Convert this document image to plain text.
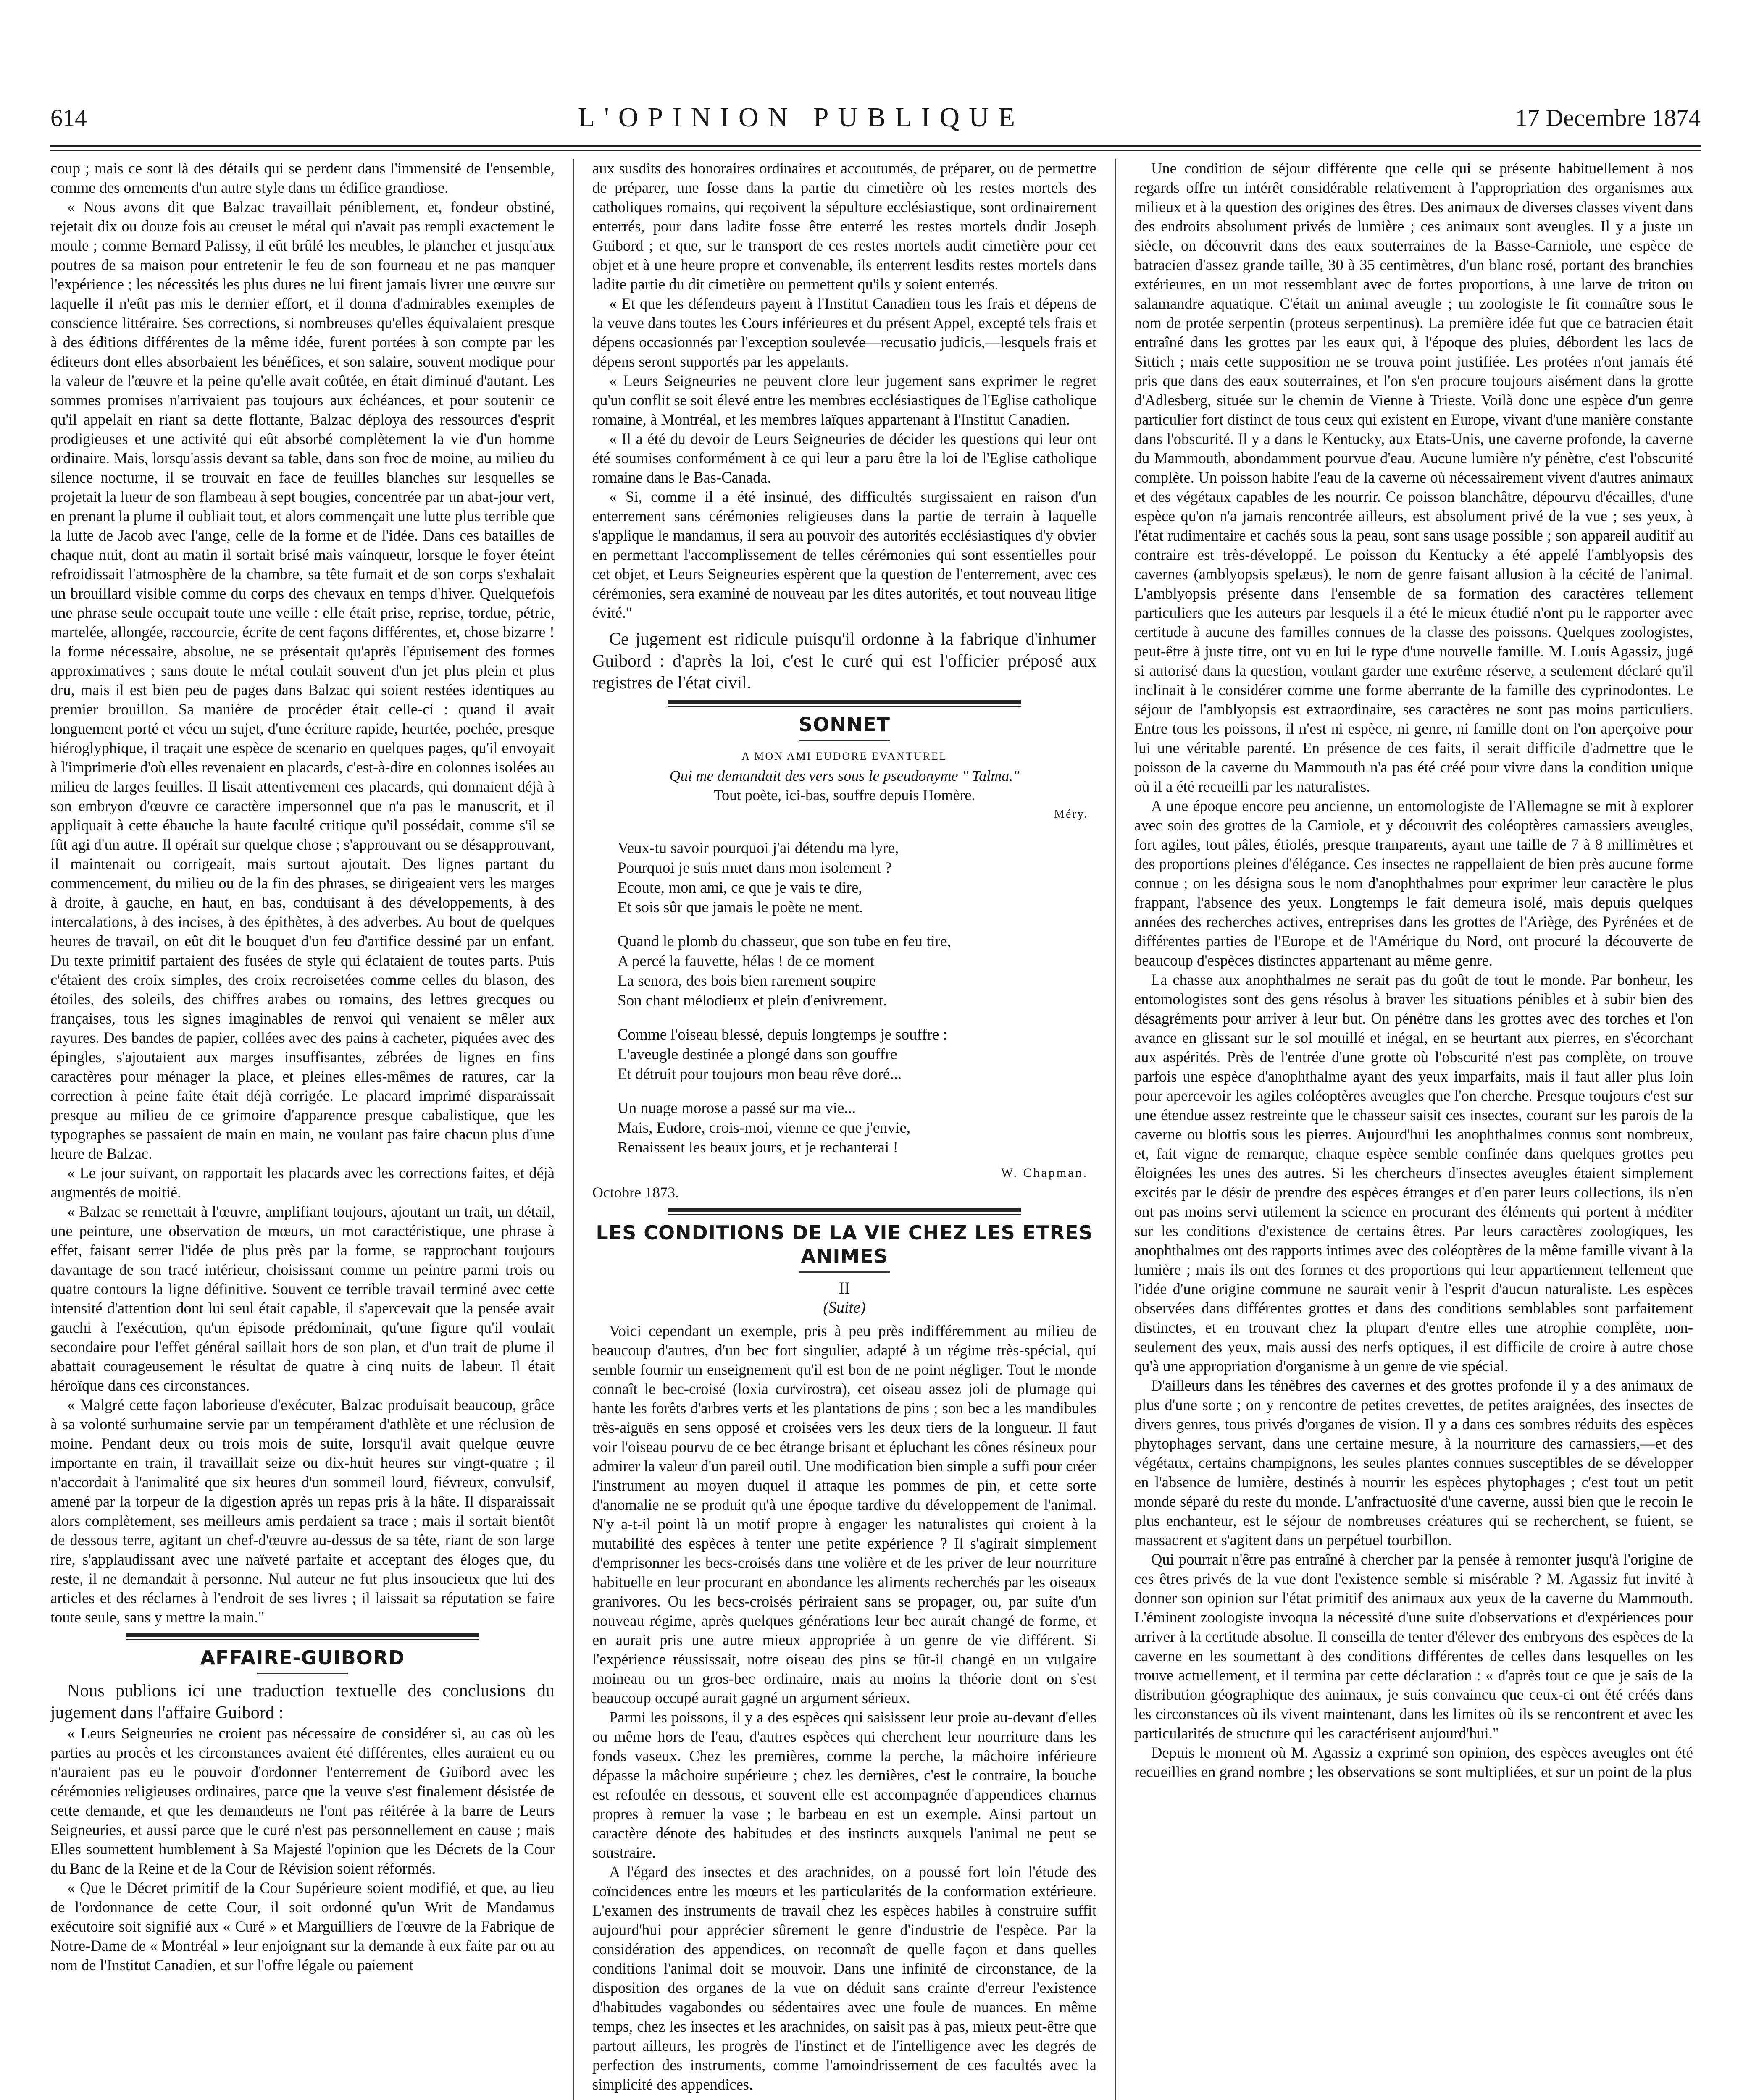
614	L'OPINION PUBLIQUE	17 Decembre 1874

coup ; mais ce sont là des détails qui se perdent dans l'immensité de l'ensemble, comme des ornements d'un autre style dans un édifice grandiose.

« Nous avons dit que Balzac travaillait péniblement, et, fondeur obstiné, rejetait dix ou douze fois au creuset le métal qui n'avait pas rempli exactement le moule ; comme Bernard Palissy, il eût brûlé les meubles, le plancher et jusqu'aux poutres de sa maison pour entretenir le feu de son fourneau et ne pas manquer l'expérience ; les nécessités les plus dures ne lui firent jamais livrer une œuvre sur laquelle il n'eût pas mis le dernier effort, et il donna d'admirables exemples de conscience littéraire. Ses corrections, si nombreuses qu'elles équivalaient presque à des éditions différentes de la même idée, furent portées à son compte par les éditeurs dont elles absorbaient les bénéfices, et son salaire, souvent modique pour la valeur de l'œuvre et la peine qu'elle avait coûtée, en était diminué d'autant. Les sommes promises n'arrivaient pas toujours aux échéances, et pour soutenir ce qu'il appelait en riant sa dette flottante, Balzac déploya des ressources d'esprit prodigieuses et une activité qui eût absorbé complètement la vie d'un homme ordinaire. Mais, lorsqu'assis devant sa table, dans son froc de moine, au milieu du silence nocturne, il se trouvait en face de feuilles blanches sur lesquelles se projetait la lueur de son flambeau à sept bougies, concentrée par un abat-jour vert, en prenant la plume il oubliait tout, et alors commençait une lutte plus terrible que la lutte de Jacob avec l'ange, celle de la forme et de l'idée. Dans ces batailles de chaque nuit, dont au matin il sortait brisé mais vainqueur, lorsque le foyer éteint refroidissait l'atmosphère de la chambre, sa tête fumait et de son corps s'exhalait un brouillard visible comme du corps des chevaux en temps d'hiver. Quelquefois une phrase seule occupait toute une veille : elle était prise, reprise, tordue, pétrie, martelée, allongée, raccourcie, écrite de cent façons différentes, et, chose bizarre ! la forme nécessaire, absolue, ne se présentait qu'après l'épuisement des formes approximatives ; sans doute le métal coulait souvent d'un jet plus plein et plus dru, mais il est bien peu de pages dans Balzac qui soient restées identiques au premier brouillon. Sa manière de procéder était celle-ci : quand il avait longuement porté et vécu un sujet, d'une écriture rapide, heurtée, pochée, presque hiéroglyphique, il traçait une espèce de scenario en quelques pages, qu'il envoyait à l'imprimerie d'où elles revenaient en placards, c'est-à-dire en colonnes isolées au milieu de larges feuilles. Il lisait attentivement ces placards, qui donnaient déjà à son embryon d'œuvre ce caractère impersonnel que n'a pas le manuscrit, et il appliquait à cette ébauche la haute faculté critique qu'il possédait, comme s'il se fût agi d'un autre. Il opérait sur quelque chose ; s'approuvant ou se désapprouvant, il maintenait ou corrigeait, mais surtout ajoutait. Des lignes partant du commencement, du milieu ou de la fin des phrases, se dirigeaient vers les marges à droite, à gauche, en haut, en bas, conduisant à des développements, à des intercalations, à des incises, à des épithètes, à des adverbes. Au bout de quelques heures de travail, on eût dit le bouquet d'un feu d'artifice dessiné par un enfant. Du texte primitif partaient des fusées de style qui éclataient de toutes parts. Puis c'étaient des croix simples, des croix recroisetées comme celles du blason, des étoiles, des soleils, des chiffres arabes ou romains, des lettres grecques ou françaises, tous les signes imaginables de renvoi qui venaient se mêler aux rayures. Des bandes de papier, collées avec des pains à cacheter, piquées avec des épingles, s'ajoutaient aux marges insuffisantes, zébrées de lignes en fins caractères pour ménager la place, et pleines elles-mêmes de ratures, car la correction à peine faite était déjà corrigée. Le placard imprimé disparaissait presque au milieu de ce grimoire d'apparence presque cabalistique, que les typographes se passaient de main en main, ne voulant pas faire chacun plus d'une heure de Balzac.

« Le jour suivant, on rapportait les placards avec les corrections faites, et déjà augmentés de moitié.

« Balzac se remettait à l'œuvre, amplifiant toujours, ajoutant un trait, un détail, une peinture, une observation de mœurs, un mot caractéristique, une phrase à effet, faisant serrer l'idée de plus près par la forme, se rapprochant toujours davantage de son tracé intérieur, choisissant comme un peintre parmi trois ou quatre contours la ligne définitive. Souvent ce terrible travail terminé avec cette intensité d'attention dont lui seul était capable, il s'apercevait que la pensée avait gauchi à l'exécution, qu'un épisode prédominait, qu'une figure qu'il voulait secondaire pour l'effet général saillait hors de son plan, et d'un trait de plume il abattait courageusement le résultat de quatre à cinq nuits de labeur. Il était héroïque dans ces circonstances.

« Malgré cette façon laborieuse d'exécuter, Balzac produisait beaucoup, grâce à sa volonté surhumaine servie par un tempérament d'athlète et une réclusion de moine. Pendant deux ou trois mois de suite, lorsqu'il avait quelque œuvre importante en train, il travaillait seize ou dix-huit heures sur vingt-quatre ; il n'accordait à l'animalité que six heures d'un sommeil lourd, fiévreux, convulsif, amené par la torpeur de la digestion après un repas pris à la hâte. Il disparaissait alors complètement, ses meilleurs amis perdaient sa trace ; mais il sortait bientôt de dessous terre, agitant un chef-d'œuvre au-dessus de sa tête, riant de son large rire, s'applaudissant avec une naïveté parfaite et acceptant des éloges que, du reste, il ne demandait à personne. Nul auteur ne fut plus insoucieux que lui des articles et des réclames à l'endroit de ses livres ; il laissait sa réputation se faire toute seule, sans y mettre la main."

AFFAIRE-GUIBORD

Nous publions ici une traduction textuelle des conclusions du jugement dans l'affaire Guibord :

« Leurs Seigneuries ne croient pas nécessaire de considérer si, au cas où les parties au procès et les circonstances avaient été différentes, elles auraient eu ou n'auraient pas eu le pouvoir d'ordonner l'enterrement de Guibord avec les cérémonies religieuses ordinaires, parce que la veuve s'est finalement désistée de cette demande, et que les demandeurs ne l'ont pas réitérée à la barre de Leurs Seigneuries, et aussi parce que le curé n'est pas personnellement en cause ; mais Elles soumettent humblement à Sa Majesté l'opinion que les Décrets de la Cour du Banc de la Reine et de la Cour de Révision soient réformés.

« Que le Décret primitif de la Cour Supérieure soient modifié, et que, au lieu de l'ordonnance de cette Cour, il soit ordonné qu'un Writ de Mandamus exécutoire soit signifié aux « Curé » et Marguilliers de l'œuvre de la Fabrique de Notre-Dame de « Montréal » leur enjoignant sur la demande à eux faite par ou au nom de l'Institut Canadien, et sur l'offre légale ou paiement

aux susdits des honoraires ordinaires et accoutumés, de préparer, ou de permettre de préparer, une fosse dans la partie du cimetière où les restes mortels des catholiques romains, qui reçoivent la sépulture ecclésiastique, sont ordinairement enterrés, pour dans ladite fosse être enterré les restes mortels dudit Joseph Guibord ; et que, sur le transport de ces restes mortels audit cimetière pour cet objet et à une heure propre et convenable, ils enterrent lesdits restes mortels dans ladite partie du dit cimetière ou permettent qu'ils y soient enterrés.

« Et que les défendeurs payent à l'Institut Canadien tous les frais et dépens de la veuve dans toutes les Cours inférieures et du présent Appel, excepté tels frais et dépens occasionnés par l'exception soulevée—recusatio judicis,—lesquels frais et dépens seront supportés par les appelants.

« Leurs Seigneuries ne peuvent clore leur jugement sans exprimer le regret qu'un conflit se soit élevé entre les membres ecclésiastiques de l'Eglise catholique romaine, à Montréal, et les membres laïques appartenant à l'Institut Canadien.

« Il a été du devoir de Leurs Seigneuries de décider les questions qui leur ont été soumises conformément à ce qui leur a paru être la loi de l'Eglise catholique romaine dans le Bas-Canada.

« Si, comme il a été insinué, des difficultés surgissaient en raison d'un enterrement sans cérémonies religieuses dans la partie de terrain à laquelle s'applique le mandamus, il sera au pouvoir des autorités ecclésiastiques d'y obvier en permettant l'accomplissement de telles cérémonies qui sont essentielles pour cet objet, et Leurs Seigneuries espèrent que la question de l'enterrement, avec ces cérémonies, sera examiné de nouveau par les dites autorités, et tout nouveau litige évité."

Ce jugement est ridicule puisqu'il ordonne à la fabrique d'inhumer Guibord : d'après la loi, c'est le curé qui est l'officier préposé aux registres de l'état civil.

SONNET
A MON AMI EUDORE EVANTUREL
Qui me demandait des vers sous le pseudonyme " Talma."
Tout poète, ici-bas, souffre depuis Homère.
Méry.
Veux-tu savoir pourquoi j'ai détendu ma lyre,
Pourquoi je suis muet dans mon isolement ?
Ecoute, mon ami, ce que je vais te dire,
Et sois sûr que jamais le poète ne ment.
Quand le plomb du chasseur, que son tube en feu tire,
A percé la fauvette, hélas ! de ce moment
La senora, des bois bien rarement soupire
Son chant mélodieux et plein d'enivrement.
Comme l'oiseau blessé, depuis longtemps je souffre :
L'aveugle destinée a plongé dans son gouffre
Et détruit pour toujours mon beau rêve doré...
Un nuage morose a passé sur ma vie...
Mais, Eudore, crois-moi, vienne ce que j'envie,
Renaissent les beaux jours, et je rechanterai !
W. Chapman.
Octobre 1873.
LES CONDITIONS DE LA VIE CHEZ LES ETRES ANIMES
II
(Suite)

Voici cependant un exemple, pris à peu près indifféremment au milieu de beaucoup d'autres, d'un bec fort singulier, adapté à un régime très-spécial, qui semble fournir un enseignement qu'il est bon de ne point négliger. Tout le monde connaît le bec-croisé (loxia curvirostra), cet oiseau assez joli de plumage qui hante les forêts d'arbres verts et les plantations de pins ; son bec a les mandibules très-aiguës en sens opposé et croisées vers les deux tiers de la longueur. Il faut voir l'oiseau pourvu de ce bec étrange brisant et épluchant les cônes résineux pour admirer la valeur d'un pareil outil. Une modification bien simple a suffi pour créer l'instrument au moyen duquel il attaque les pommes de pin, et cette sorte d'anomalie ne se produit qu'à une époque tardive du développement de l'animal. N'y a-t-il point là un motif propre à engager les naturalistes qui croient à la mutabilité des espèces à tenter une petite expérience ? Il s'agirait simplement d'emprisonner les becs-croisés dans une volière et de les priver de leur nourriture habituelle en leur procurant en abondance les aliments recherchés par les oiseaux granivores. Ou les becs-croisés périraient sans se propager, ou, par suite d'un nouveau régime, après quelques générations leur bec aurait changé de forme, et en aurait pris une autre mieux appropriée à un genre de vie différent. Si l'expérience réussissait, notre oiseau des pins se fût-il changé en un vulgaire moineau ou un gros-bec ordinaire, mais au moins la théorie dont on s'est beaucoup occupé aurait gagné un argument sérieux.

Parmi les poissons, il y a des espèces qui saisissent leur proie au-devant d'elles ou même hors de l'eau, d'autres espèces qui cherchent leur nourriture dans les fonds vaseux. Chez les premières, comme la perche, la mâchoire inférieure dépasse la mâchoire supérieure ; chez les dernières, c'est le contraire, la bouche est refoulée en dessous, et souvent elle est accompagnée d'appendices charnus propres à remuer la vase ; le barbeau en est un exemple. Ainsi partout un caractère dénote des habitudes et des instincts auxquels l'animal ne peut se soustraire.

A l'égard des insectes et des arachnides, on a poussé fort loin l'étude des coïncidences entre les mœurs et les particularités de la conformation extérieure. L'examen des instruments de travail chez les espèces habiles à construire suffit aujourd'hui pour apprécier sûrement le genre d'industrie de l'espèce. Par la considération des appendices, on reconnaît de quelle façon et dans quelles conditions l'animal doit se mouvoir. Dans une infinité de circonstance, de la disposition des organes de la vue on déduit sans crainte d'erreur l'existence d'habitudes vagabondes ou sédentaires avec une foule de nuances. En même temps, chez les insectes et les arachnides, on saisit pas à pas, mieux peut-être que partout ailleurs, les progrès de l'instinct et de l'intelligence avec les degrés de perfection des instruments, comme l'amoindrissement de ces facultés avec la simplicité des appendices.

Une condition de séjour différente que celle qui se présente habituellement à nos regards offre un intérêt considérable relativement à l'appropriation des organismes aux milieux et à la question des origines des êtres. Des animaux de diverses classes vivent dans des endroits absolument privés de lumière ; ces animaux sont aveugles. Il y a juste un siècle, on découvrit dans des eaux souterraines de la Basse-Carniole, une espèce de batracien d'assez grande taille, 30 à 35 centimètres, d'un blanc rosé, portant des branchies extérieures, en un mot ressemblant avec de fortes proportions, à une larve de triton ou salamandre aquatique. C'était un animal aveugle ; un zoologiste le fit connaître sous le nom de protée serpentin (proteus serpentinus). La première idée fut que ce batracien était entraîné dans les grottes par les eaux qui, à l'époque des pluies, débordent les lacs de Sittich ; mais cette supposition ne se trouva point justifiée. Les protées n'ont jamais été pris que dans des eaux souterraines, et l'on s'en procure toujours aisément dans la grotte d'Adlesberg, située sur le chemin de Vienne à Trieste. Voilà donc une espèce d'un genre particulier fort distinct de tous ceux qui existent en Europe, vivant d'une manière constante dans l'obscurité. Il y a dans le Kentucky, aux Etats-Unis, une caverne profonde, la caverne du Mammouth, abondamment pourvue d'eau. Aucune lumière n'y pénètre, c'est l'obscurité complète. Un poisson habite l'eau de la caverne où nécessairement vivent d'autres animaux et des végétaux capables de les nourrir. Ce poisson blanchâtre, dépourvu d'écailles, d'une espèce qu'on n'a jamais rencontrée ailleurs, est absolument privé de la vue ; ses yeux, à l'état rudimentaire et cachés sous la peau, sont sans usage possible ; son appareil auditif au contraire est très-développé. Le poisson du Kentucky a été appelé l'amblyopsis des cavernes (amblyopsis spelæus), le nom de genre faisant allusion à la cécité de l'animal. L'amblyopsis présente dans l'ensemble de sa formation des caractères tellement particuliers que les auteurs par lesquels il a été le mieux étudié n'ont pu le rapporter avec certitude à aucune des familles connues de la classe des poissons. Quelques zoologistes, peut-être à juste titre, ont vu en lui le type d'une nouvelle famille. M. Louis Agassiz, jugé si autorisé dans la question, voulant garder une extrême réserve, a seulement déclaré qu'il inclinait à le considérer comme une forme aberrante de la famille des cyprinodontes. Le séjour de l'amblyopsis est extraordinaire, ses caractères ne sont pas moins particuliers. Entre tous les poissons, il n'est ni espèce, ni genre, ni famille dont on l'on aperçoive pour lui une véritable parenté. En présence de ces faits, il serait difficile d'admettre que le poisson de la caverne du Mammouth n'a pas été créé pour vivre dans la condition unique où il a été recueilli par les naturalistes.

A une époque encore peu ancienne, un entomologiste de l'Allemagne se mit à explorer avec soin des grottes de la Carniole, et y découvrit des coléoptères carnassiers aveugles, fort agiles, tout pâles, étiolés, presque tranparents, ayant une taille de 7 à 8 millimètres et des proportions pleines d'élégance. Ces insectes ne rappellaient de bien près aucune forme connue ; on les désigna sous le nom d'anophthalmes pour exprimer leur caractère le plus frappant, l'absence des yeux. Longtemps le fait demeura isolé, mais depuis quelques années des recherches actives, entreprises dans les grottes de l'Ariège, des Pyrénées et de différentes parties de l'Europe et de l'Amérique du Nord, ont procuré la découverte de beaucoup d'espèces distinctes appartenant au même genre.

La chasse aux anophthalmes ne serait pas du goût de tout le monde. Par bonheur, les entomologistes sont des gens résolus à braver les situations pénibles et à subir bien des désagréments pour arriver à leur but. On pénètre dans les grottes avec des torches et l'on avance en glissant sur le sol mouillé et inégal, en se heurtant aux pierres, en s'écorchant aux aspérités. Près de l'entrée d'une grotte où l'obscurité n'est pas complète, on trouve parfois une espèce d'anophthalme ayant des yeux imparfaits, mais il faut aller plus loin pour apercevoir les agiles coléoptères aveugles que l'on cherche. Presque toujours c'est sur une étendue assez restreinte que le chasseur saisit ces insectes, courant sur les parois de la caverne ou blottis sous les pierres. Aujourd'hui les anophthalmes connus sont nombreux, et, fait vigne de remarque, chaque espèce semble confinée dans quelques grottes peu éloignées les unes des autres. Si les chercheurs d'insectes aveugles étaient simplement excités par le désir de prendre des espèces étranges et d'en parer leurs collections, ils n'en ont pas moins servi utilement la science en procurant des éléments qui portent à méditer sur les conditions d'existence de certains êtres. Par leurs caractères zoologiques, les anophthalmes ont des rapports intimes avec des coléoptères de la même famille vivant à la lumière ; mais ils ont des formes et des proportions qui leur appartiennent tellement que l'idée d'une origine commune ne saurait venir à l'esprit d'aucun naturaliste. Les espèces observées dans différentes grottes et dans des conditions semblables sont parfaitement distinctes, et en trouvant chez la plupart d'entre elles une atrophie complète, non-seulement des yeux, mais aussi des nerfs optiques, il est difficile de croire à autre chose qu'à une appropriation d'organisme à un genre de vie spécial.

D'ailleurs dans les ténèbres des cavernes et des grottes profonde il y a des animaux de plus d'une sorte ; on y rencontre de petites crevettes, de petites araignées, des insectes de divers genres, tous privés d'organes de vision. Il y a dans ces sombres réduits des espèces phytophages servant, dans une certaine mesure, à la nourriture des carnassiers,—et des végétaux, certains champignons, les seules plantes connues susceptibles de se développer en l'absence de lumière, destinés à nourrir les espèces phytophages ; c'est tout un petit monde séparé du reste du monde. L'anfractuosité d'une caverne, aussi bien que le recoin le plus enchanteur, est le séjour de nombreuses créatures qui se recherchent, se fuient, se massacrent et s'agitent dans un perpétuel tourbillon.

Qui pourrait n'être pas entraîné à chercher par la pensée à remonter jusqu'à l'origine de ces êtres privés de la vue dont l'existence semble si misérable ? M. Agassiz fut invité à donner son opinion sur l'état primitif des animaux aux yeux de la caverne du Mammouth. L'éminent zoologiste invoqua la nécessité d'une suite d'observations et d'expériences pour arriver à la certitude absolue. Il conseilla de tenter d'élever des embryons des espèces de la caverne en les soumettant à des conditions différentes de celles dans lesquelles on les trouve actuellement, et il termina par cette déclaration : « d'après tout ce que je sais de la distribution géographique des animaux, je suis convaincu que ceux-ci ont été créés dans les circonstances où ils vivent maintenant, dans les limites où ils se rencontrent et avec les particularités de structure qui les caractérisent aujourd'hui."

Depuis le moment où M. Agassiz a exprimé son opinion, des espèces aveugles ont été recueillies en grand nombre ; les observations se sont multipliées, et sur un point de la plus
